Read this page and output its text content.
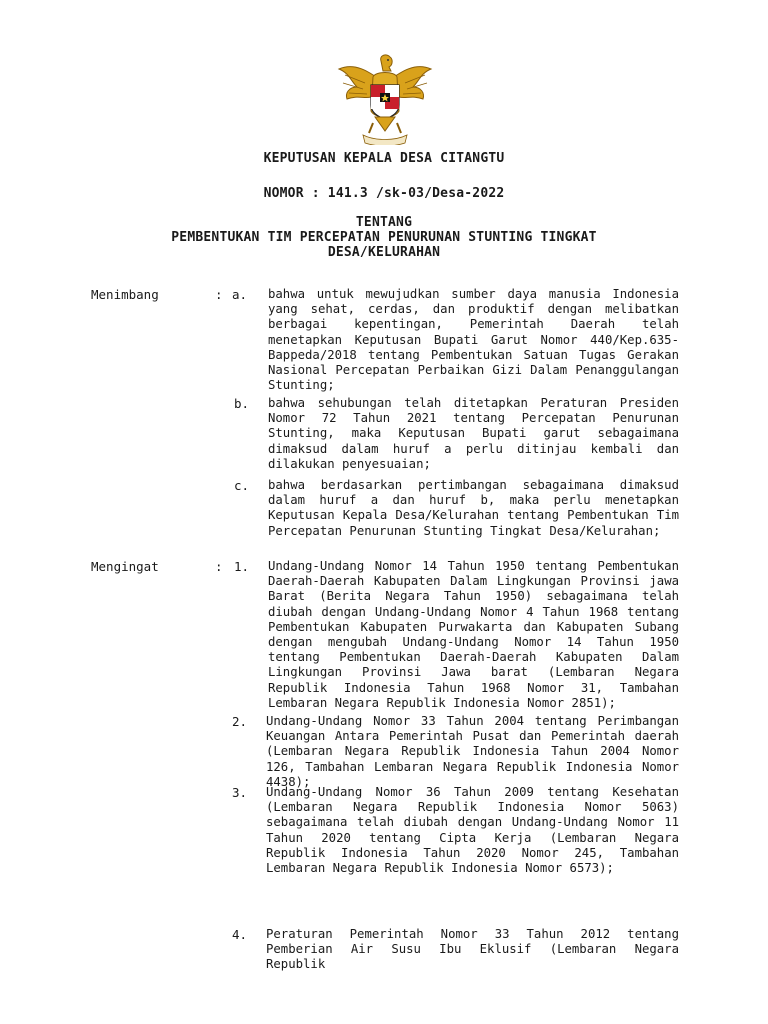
KEPUTUSAN KEPALA DESA CITANGTU
NOMOR : 141.3 /sk-03/Desa-2022
TENTANG
PEMBENTUKAN TIM PERCEPATAN PENURUNAN STUNTING TINGKAT
DESA/KELURAHAN
Menimbang	: a. bahwa untuk mewujudkan sumber daya manusia Indonesia yang sehat, cerdas, dan produktif dengan melibatkan berbagai kepentingan, Pemerintah Daerah telah menetapkan Keputusan Bupati Garut Nomor 440/Kep.635-Bappeda/2018 tentang Pembentukan Satuan Tugas Gerakan Nasional Percepatan Perbaikan Gizi Dalam Penanggulangan Stunting;
b. bahwa sehubungan telah ditetapkan Peraturan Presiden Nomor 72 Tahun 2021 tentang Percepatan Penurunan Stunting, maka Keputusan Bupati garut sebagaimana dimaksud dalam huruf a perlu ditinjau kembali dan dilakukan penyesuaian;
c. bahwa berdasarkan pertimbangan sebagaimana dimaksud dalam huruf a dan huruf b, maka perlu menetapkan Keputusan Kepala Desa/Kelurahan tentang Pembentukan Tim Percepatan Penurunan Stunting Tingkat Desa/Kelurahan;
Mengingat	: 1. Undang-Undang Nomor 14 Tahun 1950 tentang Pembentukan Daerah-Daerah Kabupaten Dalam Lingkungan Provinsi jawa Barat (Berita Negara Tahun 1950) sebagaimana telah diubah dengan Undang-Undang Nomor 4 Tahun 1968 tentang Pembentukan Kabupaten Purwakarta dan Kabupaten Subang dengan mengubah Undang-Undang Nomor 14 Tahun 1950 tentang Pembentukan Daerah-Daerah Kabupaten Dalam Lingkungan Provinsi Jawa barat (Lembaran Negara Republik Indonesia Tahun 1968 Nomor 31, Tambahan Lembaran Negara Republik Indonesia Nomor 2851);
2. Undang-Undang Nomor 33 Tahun 2004 tentang Perimbangan Keuangan Antara Pemerintah Pusat dan Pemerintah daerah (Lembaran Negara Republik Indonesia Tahun 2004 Nomor 126, Tambahan Lembaran Negara Republik Indonesia Nomor 4438);
3. Undang-Undang Nomor 36 Tahun 2009 tentang Kesehatan (Lembaran Negara Republik Indonesia Nomor 5063) sebagaimana telah diubah dengan Undang-Undang Nomor 11 Tahun 2020 tentang Cipta Kerja (Lembaran Negara Republik Indonesia Tahun 2020 Nomor 245, Tambahan Lembaran Negara Republik Indonesia Nomor 6573);
4. Peraturan Pemerintah Nomor 33 Tahun 2012 tentang Pemberian Air Susu Ibu Eklusif (Lembaran Negara Republik
